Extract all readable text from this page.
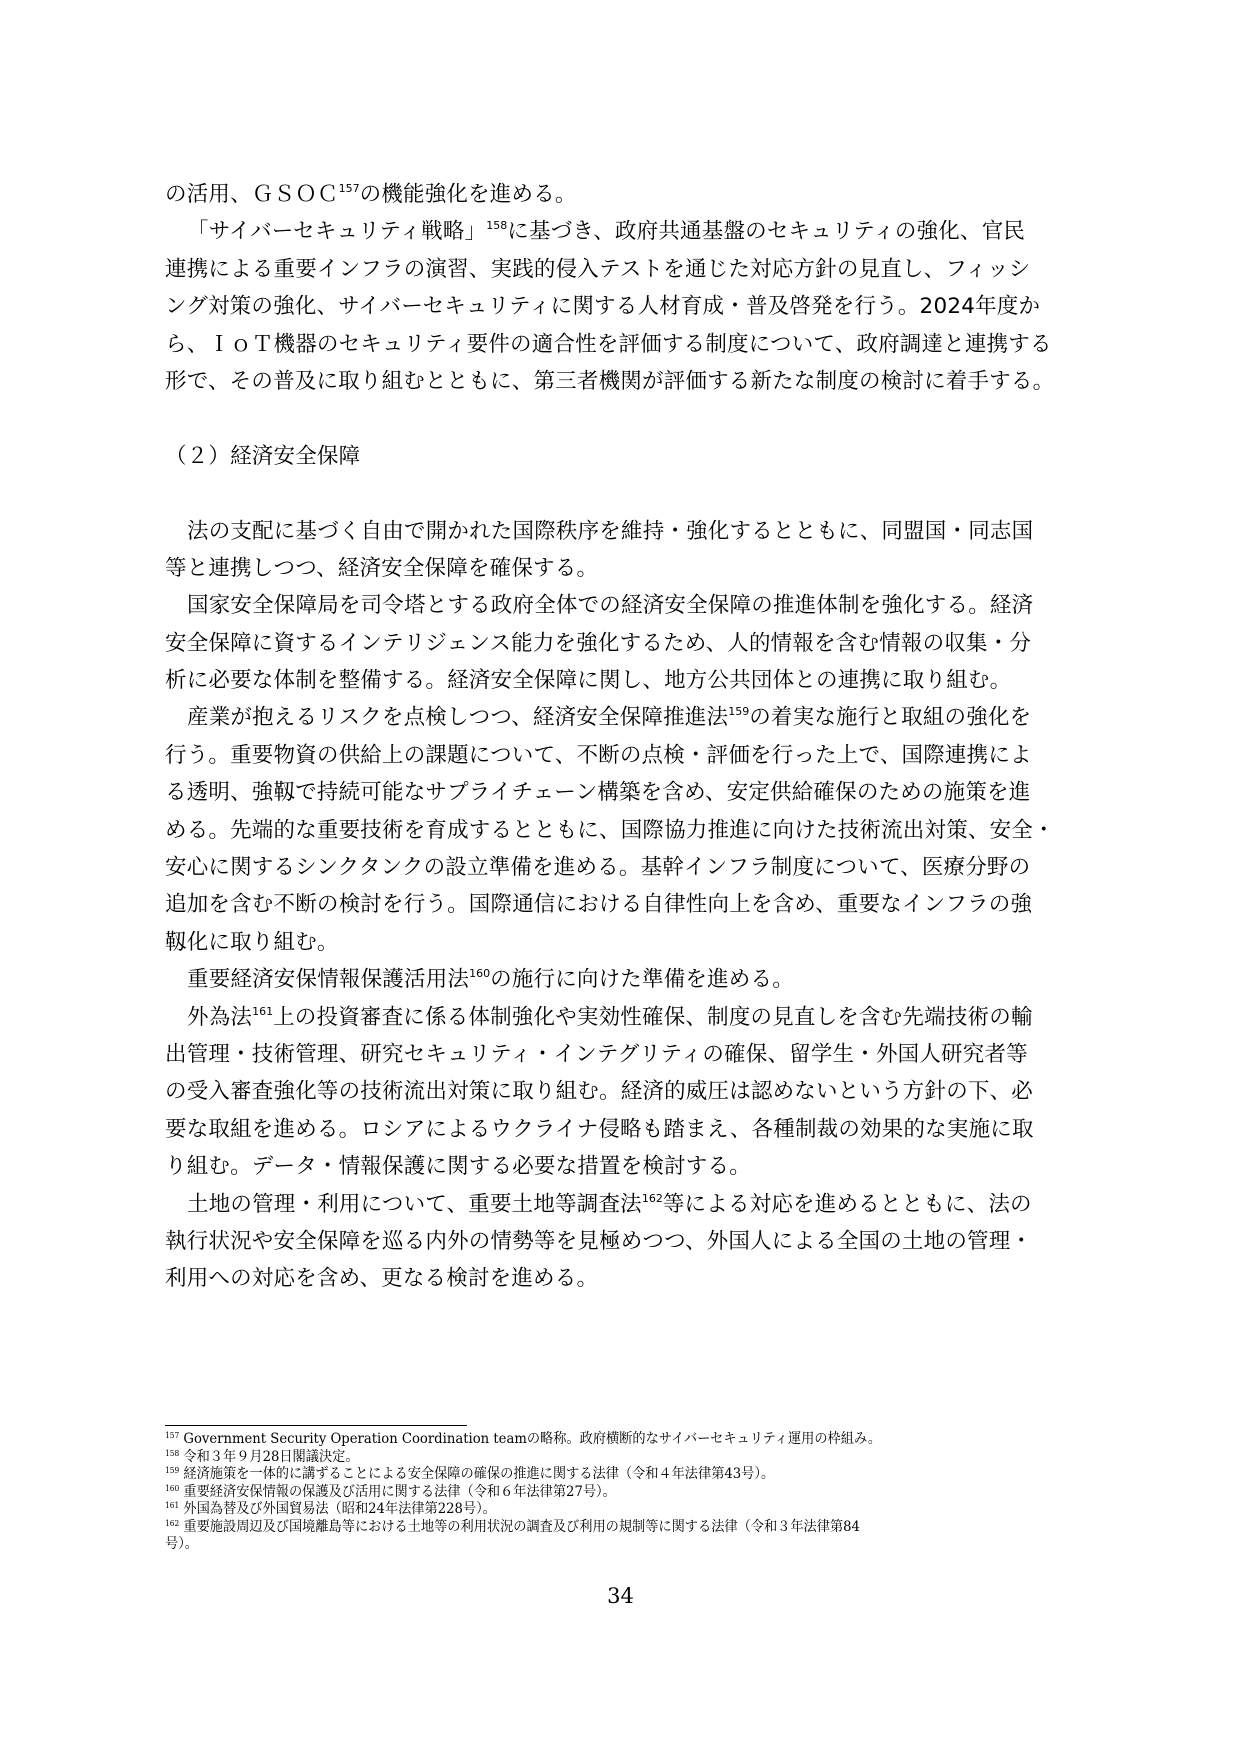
の活用、ＧＳＯＣ$^{157}$の機能強化を進める。
「サイバーセキュリティ戦略」$^{158}$に基づき、政府共通基盤のセキュリティの強化、官民
連携による重要インフラの演習、実践的侵入テストを通じた対応方針の見直し、フィッシ
ング対策の強化、サイバーセキュリティに関する人材育成・普及啓発を行う。2024年度か
ら、ＩｏＴ機器のセキュリティ要件の適合性を評価する制度について、政府調達と連携する
形で、その普及に取り組むとともに、第三者機関が評価する新たな制度の検討に着手する。
（２）経済安全保障
法の支配に基づく自由で開かれた国際秩序を維持・強化するとともに、同盟国・同志国
等と連携しつつ、経済安全保障を確保する。
国家安全保障局を司令塔とする政府全体での経済安全保障の推進体制を強化する。経済
安全保障に資するインテリジェンス能力を強化するため、人的情報を含む情報の収集・分
析に必要な体制を整備する。経済安全保障に関し、地方公共団体との連携に取り組む。
産業が抱えるリスクを点検しつつ、経済安全保障推進法$^{159}$の着実な施行と取組の強化を
行う。重要物資の供給上の課題について、不断の点検・評価を行った上で、国際連携によ
る透明、強靱で持続可能なサプライチェーン構築を含め、安定供給確保のための施策を進
める。先端的な重要技術を育成するとともに、国際協力推進に向けた技術流出対策、安全・
安心に関するシンクタンクの設立準備を進める。基幹インフラ制度について、医療分野の
追加を含む不断の検討を行う。国際通信における自律性向上を含め、重要なインフラの強
靱化に取り組む。
重要経済安保情報保護活用法$^{160}$の施行に向けた準備を進める。
外為法$^{161}$上の投資審査に係る体制強化や実効性確保、制度の見直しを含む先端技術の輸
出管理・技術管理、研究セキュリティ・インテグリティの確保、留学生・外国人研究者等
の受入審査強化等の技術流出対策に取り組む。経済的威圧は認めないという方針の下、必
要な取組を進める。ロシアによるウクライナ侵略も踏まえ、各種制裁の効果的な実施に取
り組む。データ・情報保護に関する必要な措置を検討する。
土地の管理・利用について、重要土地等調査法$^{162}$等による対応を進めるとともに、法の
執行状況や安全保障を巡る内外の情勢等を見極めつつ、外国人による全国の土地の管理・
利用への対応を含め、更なる検討を進める。
$^{157}$ Government Security Operation Coordination teamの略称。政府横断的なサイバーセキュリティ運用の枠組み。
$^{158}$ 令和３年９月28日閣議決定。
$^{159}$ 経済施策を一体的に講ずることによる安全保障の確保の推進に関する法律（令和４年法律第43号）。
$^{160}$ 重要経済安保情報の保護及び活用に関する法律（令和６年法律第27号）。
$^{161}$ 外国為替及び外国貿易法（昭和24年法律第228号）。
$^{162}$ 重要施設周辺及び国境離島等における土地等の利用状況の調査及び利用の規制等に関する法律（令和３年法律第84
号）。
34
